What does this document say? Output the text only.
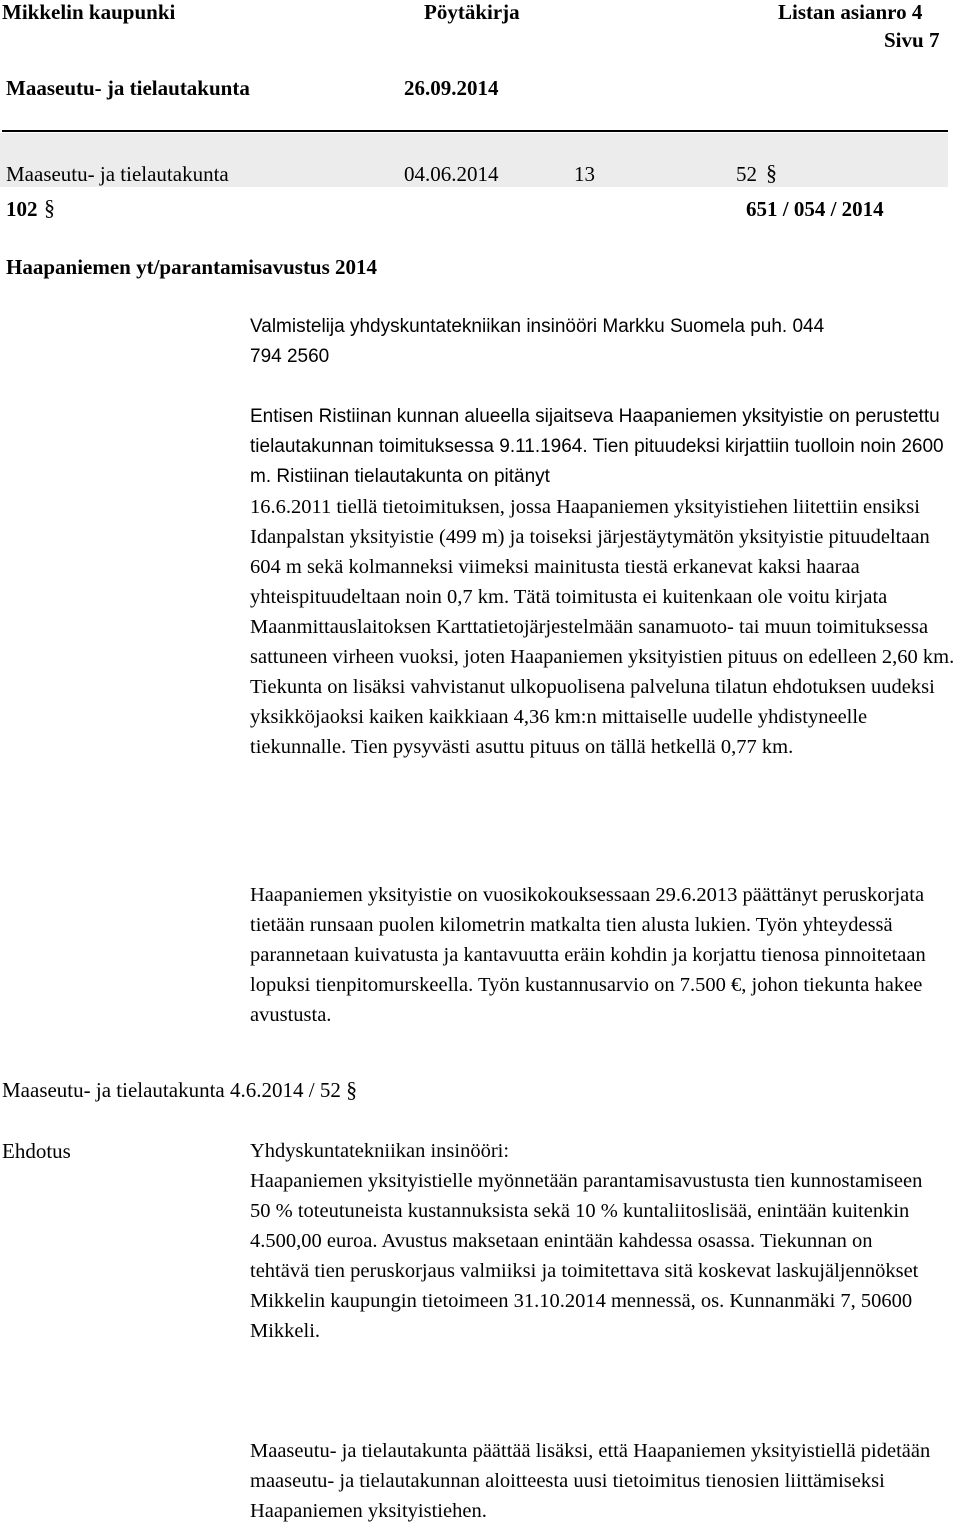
Mikkelin kaupunki	Pöytäkirja	Listan asianro 4
Sivu 7
Maaseutu- ja tielautakunta	26.09.2014
Maaseutu- ja tielautakunta	04.06.2014	13	52 §
102 §	651 / 054 / 2014
Haapaniemen yt/parantamisavustus 2014
Valmistelija yhdyskuntatekniikan insinööri Markku Suomela puh. 044
794 2560

Entisen Ristiinan kunnan alueella sijaitseva Haapaniemen yksityistie on perustettu tielautakunnan toimituksessa 9.11.1964. Tien pituudeksi kirjattiin tuolloin noin 2600 m. Ristiinan tielautakunta on pitänyt

16.6.2011 tiellä tietoimituksen, jossa Haapaniemen yksityistiehen liitettiin ensiksi Idanpalstan yksityistie (499 m) ja toiseksi järjestäytymätön yksityistie pituudeltaan 604 m sekä kolmanneksi viimeksi mainitusta tiestä erkanevat kaksi haaraa yhteispituudeltaan noin 0,7 km. Tätä toimitusta ei kuitenkaan ole voitu kirjata Maanmittauslaitoksen Karttatietojärjestelmään sanamuoto- tai muun toimituksessa sattuneen virheen vuoksi, joten Haapaniemen yksityistien pituus on edelleen 2,60 km. Tiekunta on lisäksi vahvistanut ulkopuolisena palveluna tilatun ehdotuksen uudeksi yksikköjaoksi kaiken kaikkiaan 4,36 km:n mittaiselle uudelle yhdistyneelle tiekunnalle. Tien pysyvästi asuttu pituus on tällä hetkellä 0,77 km.

Haapaniemen yksityistie on vuosikokouksessaan 29.6.2013 päättänyt peruskorjata tietään runsaan puolen kilometrin matkalta tien alusta lukien. Työn yhteydessä parannetaan kuivatusta ja kantavuutta eräin kohdin ja korjattu tienosa pinnoitetaan lopuksi tienpitomurskeella. Työn kustannusarvio on 7.500 €, johon tiekunta hakee avustusta.

Maaseutu- ja tielautakunta 4.6.2014 / 52 §
Ehdotus	Yhdyskuntatekniikan insinööri:

Haapaniemen yksityistielle myönnetään parantamisavustusta tien kunnostamiseen 50 % toteutuneista kustannuksista sekä 10 % kuntaliitoslisää, enintään kuitenkin 4.500,00 euroa. Avustus maksetaan enintään kahdessa osassa. Tiekunnan on tehtävä tien peruskorjaus valmiiksi ja toimitettava sitä koskevat laskujäljennökset Mikkelin kaupungin tietoimeen 31.10.2014 mennessä, os. Kunnanmäki 7, 50600 Mikkeli.

Maaseutu- ja tielautakunta päättää lisäksi, että Haapaniemen yksityistiellä pidetään maaseutu- ja tielautakunnan aloitteesta uusi tietoimitus tienosien liittämiseksi Haapaniemen yksityistiehen.
